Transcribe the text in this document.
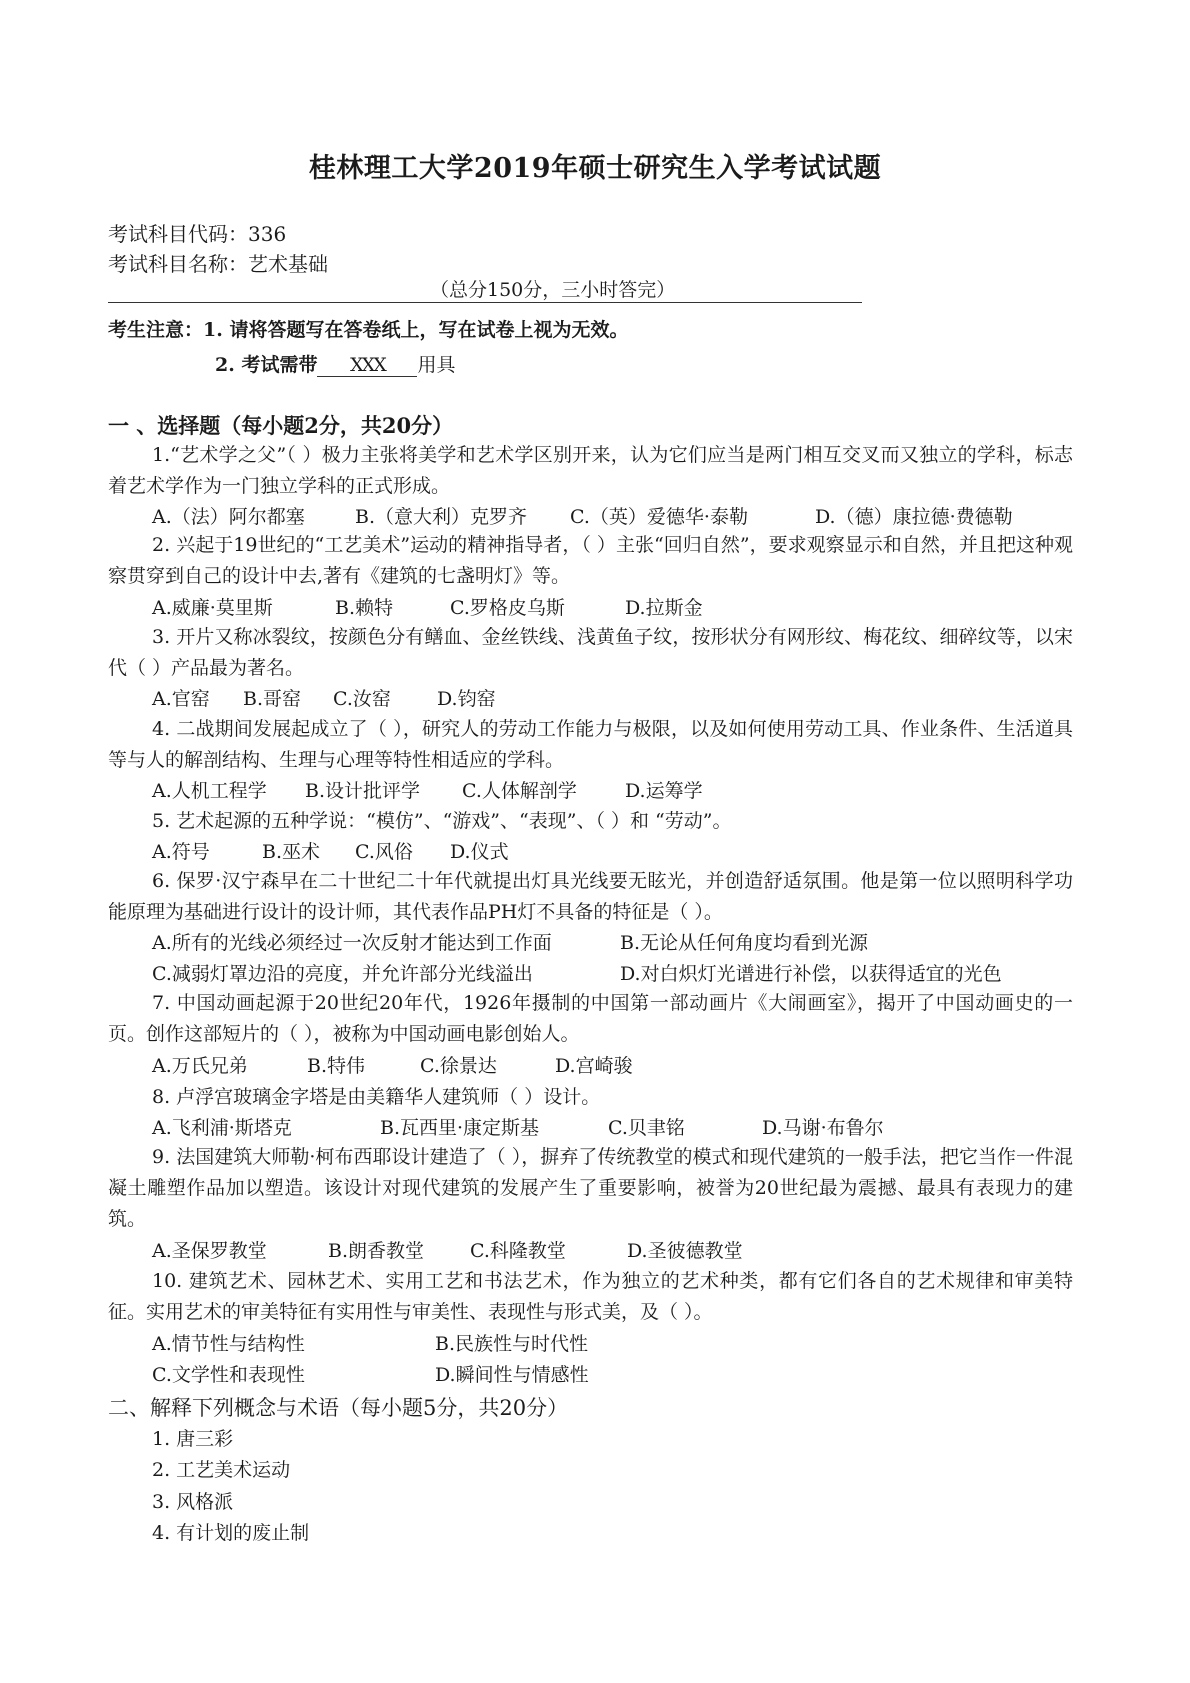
桂林理工大学2019年硕士研究生入学考试试题
考试科目代码：336
考试科目名称：艺术基础
（总分150分，三小时答完）
考生注意：1. 请将答题写在答卷纸上，写在试卷上视为无效。
2. 考试需带 XXX 用具
一 、选择题（每小题2分，共20分）
1.“艺术学之父”（ ）极力主张将美学和艺术学区别开来，认为它们应当是两门相互交叉而又独立的学科，标志着艺术学作为一门独立学科的正式形成。
A.（法）阿尔都塞	B.（意大利）克罗齐 C.（英）爱德华·泰勒	D.（德）康拉德·费德勒
2. 兴起于19世纪的“工艺美术”运动的精神指导者，（ ）主张“回归自然”，要求观察显示和自然，并且把这种观察贯穿到自己的设计中去,著有《建筑的七盏明灯》等。
A.威廉·莫里斯	B.赖特	C.罗格皮乌斯	D.拉斯金
3. 开片又称冰裂纹，按颜色分有鳝血、金丝铁线、浅黄鱼子纹，按形状分有网形纹、梅花纹、细碎纹等，以宋代（ ）产品最为著名。
A.官窑 B.哥窑 C.汝窑 D.钧窑
4. 二战期间发展起成立了（ ），研究人的劳动工作能力与极限，以及如何使用劳动工具、作业条件、生活道具等与人的解剖结构、生理与心理等特性相适应的学科。
A.人机工程学 B.设计批评学 C.人体解剖学	D.运筹学
5. 艺术起源的五种学说：“模仿”、“游戏”、“表现”、（ ）和 “劳动”。
A.符号	B.巫术 C.风俗 D.仪式
6. 保罗·汉宁森早在二十世纪二十年代就提出灯具光线要无眩光，并创造舒适氛围。他是第一位以照明科学功能原理为基础进行设计的设计师，其代表作品PH灯不具备的特征是（ ）。
A.所有的光线必须经过一次反射才能达到工作面	B.无论从任何角度均看到光源
C.减弱灯罩边沿的亮度，并允许部分光线溢出	D.对白炽灯光谱进行补偿，以获得适宜的光色
7. 中国动画起源于20世纪20年代，1926年摄制的中国第一部动画片《大闹画室》，揭开了中国动画史的一页。创作这部短片的（ ），被称为中国动画电影创始人。
A.万氏兄弟	B.特伟	C.徐景达	D.宫崎骏
8. 卢浮宫玻璃金字塔是由美籍华人建筑师（ ）设计。
A.飞利浦·斯塔克	B.瓦西里·康定斯基	C.贝聿铭	D.马谢·布鲁尔
9. 法国建筑大师勒·柯布西耶设计建造了（ ），摒弃了传统教堂的模式和现代建筑的一般手法，把它当作一件混凝土雕塑作品加以塑造。该设计对现代建筑的发展产生了重要影响，被誉为20世纪最为震撼、最具有表现力的建筑。
A.圣保罗教堂	B.朗香教堂 C.科隆教堂	D.圣彼德教堂
10. 建筑艺术、园林艺术、实用工艺和书法艺术，作为独立的艺术种类，都有它们各自的艺术规律和审美特征。实用艺术的审美特征有实用性与审美性、表现性与形式美，及（ ）。
A.情节性与结构性	B.民族性与时代性
C.文学性和表现性	D.瞬间性与情感性
二、解释下列概念与术语（每小题5分，共20分）
1. 唐三彩
2. 工艺美术运动
3. 风格派
4. 有计划的废止制
